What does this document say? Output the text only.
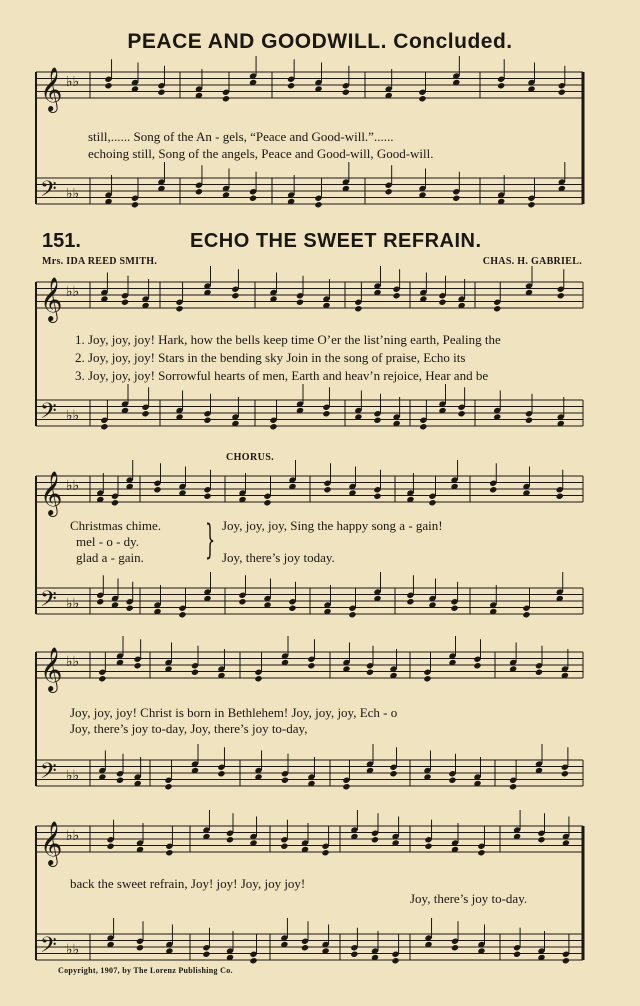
PEACE AND GOODWILL. Concluded.
𝄞
𝄢
♭♭
♭♭
𝄞
𝄢
♭♭
♭♭
𝄞
𝄢
♭♭
♭♭
𝄞
𝄢
♭♭
♭♭
𝄞
𝄢
♭♭
♭♭
still,...... Song of the An - gels, “Peace and Good-will.”......
echoing still, Song of the angels, Peace and Good-will, Good-will.
151.	ECHO THE SWEET REFRAIN.
Mrs. IDA REED SMITH.	CHAS. H. GABRIEL.
1. Joy, joy, joy! Hark, how the bells keep time O’er the list’ning earth, Pealing the
2. Joy, joy, joy! Stars in the bending sky Join in the song of praise, Echo its
3. Joy, joy, joy! Sorrowful hearts of men, Earth and heav’n rejoice, Hear and be
CHORUS.
Christmas chime.
mel - o - dy.
glad a - gain. } Joy, joy, joy, Sing the happy song a - gain!
Joy, there’s joy today.
Joy, joy, joy! Christ is born in Bethlehem! Joy, joy, joy, Ech - o
Joy, there’s joy to-day, Joy, there’s joy to-day,
back the sweet refrain, Joy! joy! Joy, joy joy!
Joy, there’s joy to-day.
Copyright, 1907, by The Lorenz Publishing Co.
